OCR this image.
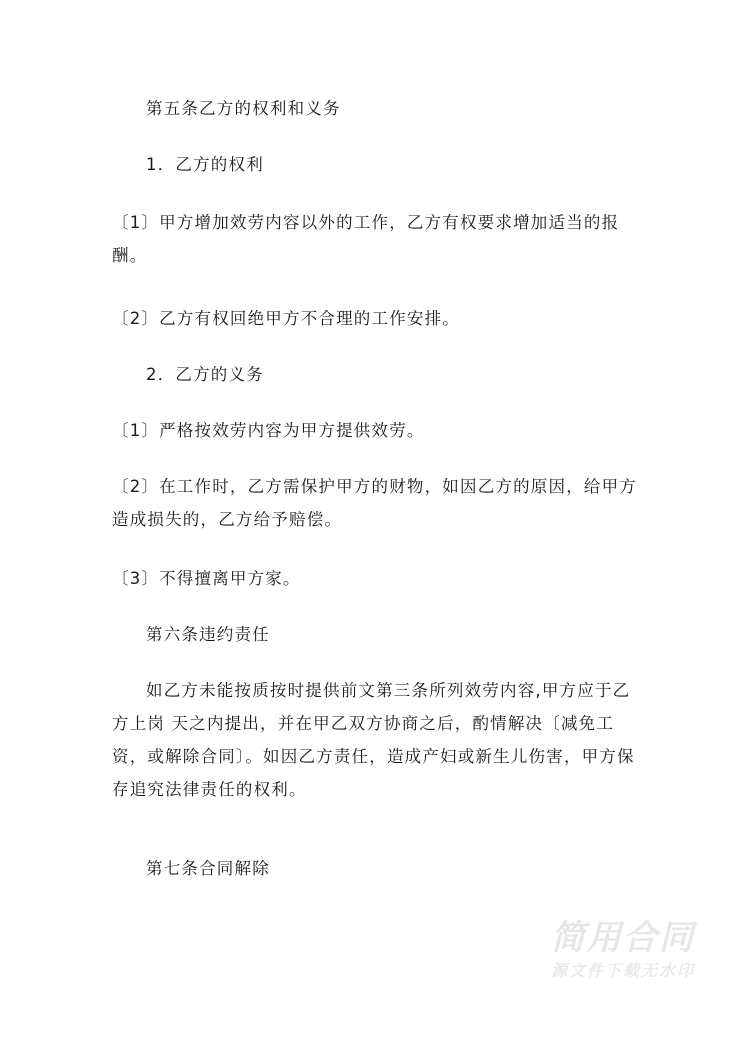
第五条乙方的权利和义务

1．乙方的权利

〔1〕甲方增加效劳内容以外的工作，乙方有权要求增加适当的报酬。

〔2〕乙方有权回绝甲方不合理的工作安排。

2．乙方的义务

〔1〕严格按效劳内容为甲方提供效劳。

〔2〕在工作时，乙方需保护甲方的财物，如因乙方的原因，给甲方造成损失的，乙方给予赔偿。

〔3〕不得擅离甲方家。

第六条违约责任

如乙方未能按质按时提供前文第三条所列效劳内容,甲方应于乙方上岗 天之内提出，并在甲乙双方协商之后，酌情解决〔减免工资，或解除合同〕。如因乙方责任，造成产妇或新生儿伤害，甲方保存追究法律责任的权利。

第七条合同解除

简用合同
源文件下载无水印
